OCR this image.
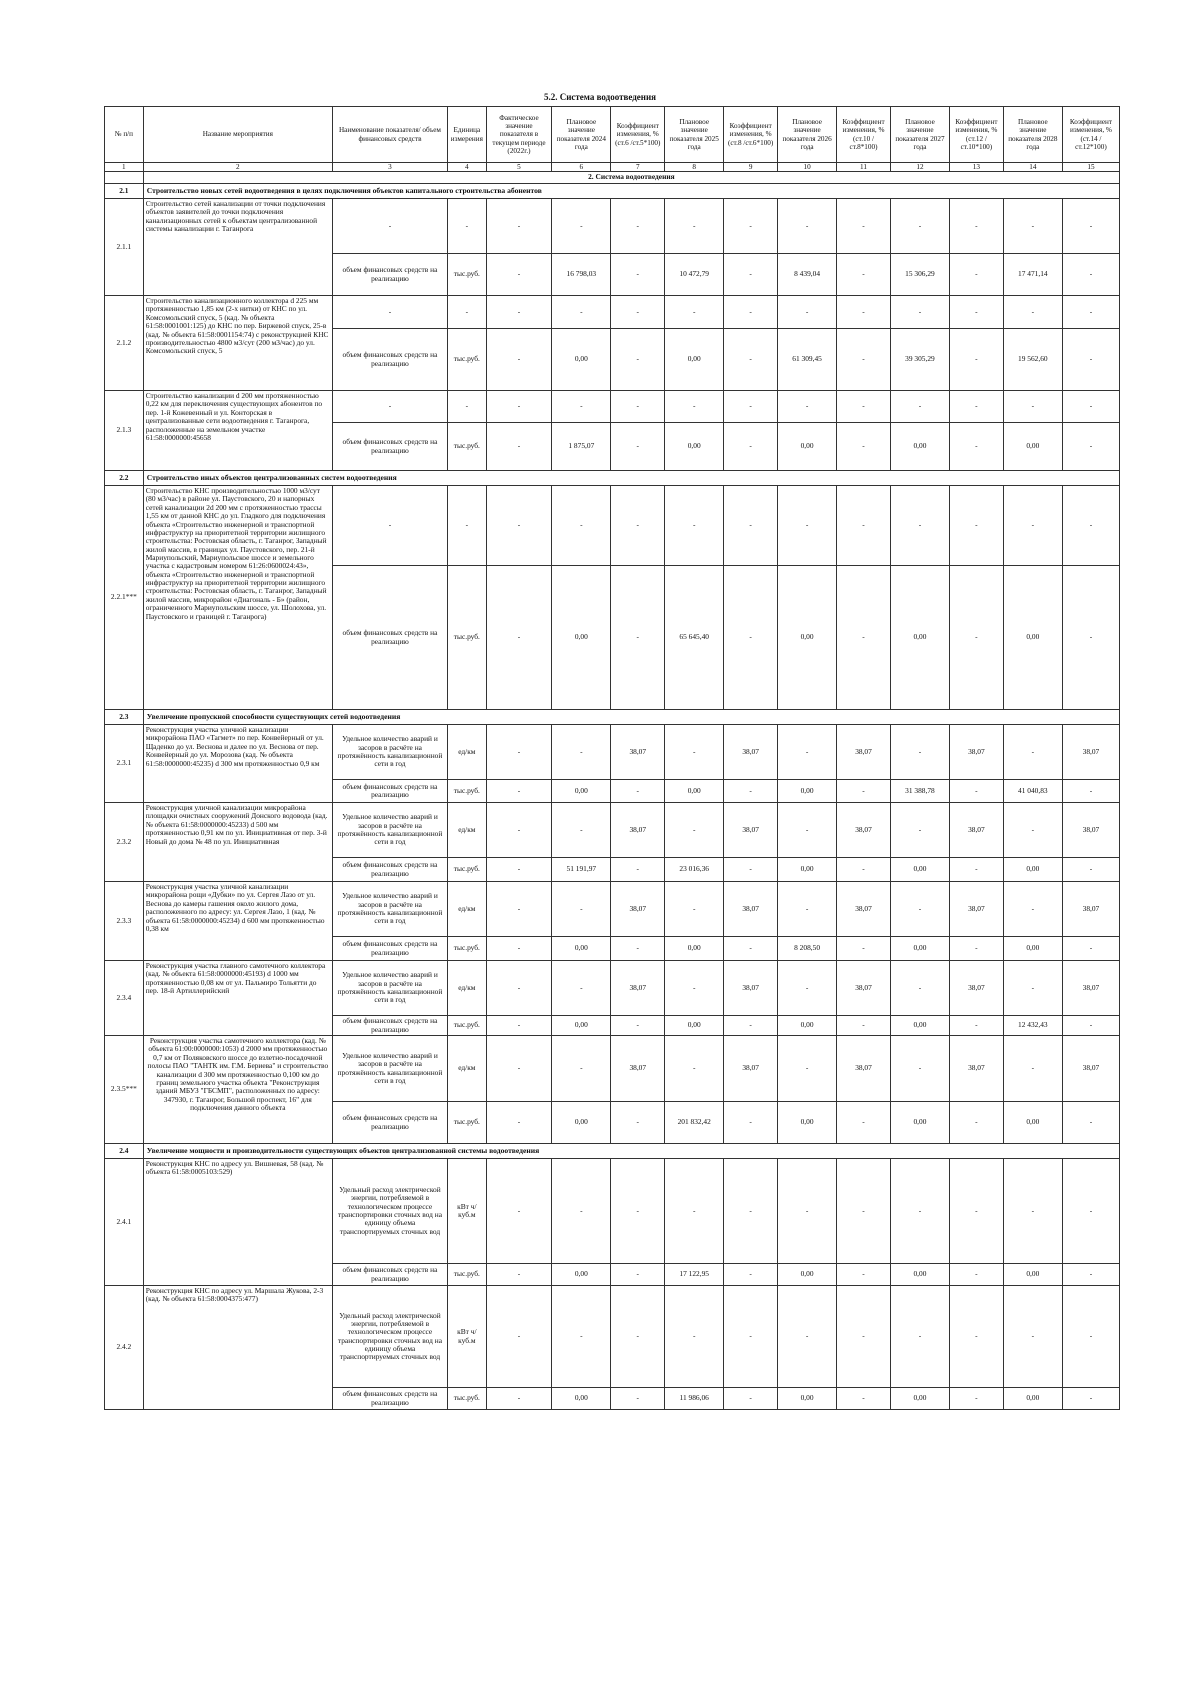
5.2. Система водоотведения
№ п/п	Название мероприятия	Наименование показателя/ объем финансовых средств	Единица измерения	Фактическое значение показателя в текущем периоде (2022г.)	Плановое значение показателя 2024 года	Коэффициент изменения, % (ст.6 /ст.5*100)	Плановое значение показателя 2025 года	Коэффициент изменения, % (ст.8 /ст.6*100)	Плановое значение показателя 2026 года	Коэффициент изменения, % (ст.10 /ст.8*100)	Плановое значение показателя 2027 года	Коэффициент изменения, % (ст.12 /ст.10*100)	Плановое значение показателя 2028 года	Коэффициент изменения, % (ст.14 /ст.12*100)
1	2	3	4	5	6	7	8	9	10	11	12	13	14	15
	2. Система водоотведения													
2.1	Строительство новых сетей водоотведения в целях подключения объектов капитального строительства абонентов													
2.1.1	Строительство сетей канализации от точки подключения объектов заявителей до точки подключения канализационных сетей к объектам централизованной системы канализации г. Таганрога	-	-	-	-	-	-	-	-	-	-	-	-	-
		объем финансовых средств на реализацию	тыс.руб.	-	16 798,03	-	10 472,79	-	8 439,04	-	15 306,29	-	17 471,14	-
2.1.2	Строительство канализационного коллектора d 225 мм протяженностью 1,85 км (2-х нитки) от КНС по ул. Комсомольский спуск, 5 (кад. № объекта 61:58:0001001:125) до КНС по пер. Биржевой спуск, 25-в (кад. № объекта 61:58:0001154:74) с реконструкцией КНС производительностью 4800 м3/сут (200 м3/час) до ул. Комсомольский спуск, 5	-	-	-	-	-	-	-	-	-	-	-	-	-
		объем финансовых средств на реализацию	тыс.руб.	-	0,00	-	0,00	-	61 309,45	-	39 305,29	-	19 562,60	-
2.1.3	Строительство канализации d 200 мм протяженностью 0,22 км для переключения существующих абонентов по пер. 1-й Кожевенный и ул. Конторская в централизованные сети водоотведения г. Таганрога, расположенные на земельном участке 61:58:0000000:45658	-	-	-	-	-	-	-	-	-	-	-	-	-
		объем финансовых средств на реализацию	тыс.руб.	-	1 875,07	-	0,00	-	0,00	-	0,00	-	0,00	-
2.2	Строительство иных объектов централизованных систем водоотведения													
2.2.1***	Строительство КНС производительностью 1000 м3/сут (80 м3/час) в районе ул. Паустовского, 20 и напорных сетей канализации 2d 200 мм с протяженностью трассы 1,55 км от данной КНС до ул. Гладкого для подключения объекта «Строительство инженерной и транспортной инфраструктур на приоритетной территории жилищного строительства: Ростовская область, г. Таганрог, Западный жилой массив, в границах ул. Паустовского, пер. 21-й Мариупольский, Мариупольское шоссе и земельного участка с кадастровым номером 61:26:0600024:43», объекта «Строительство инженерной и транспортной инфраструктур на приоритетной территории жилищного строительства: Ростовская область, г. Таганрог, Западный жилой массив, микрорайон «Диагональ - Б» (район, ограниченного Мариупольским шоссе, ул. Шолохова, ул. Паустовского и границей г. Таганрога)	-	-	-	-	-	-	-	-	-	-	-	-	-
		объем финансовых средств на реализацию	тыс.руб.	-	0,00	-	65 645,40	-	0,00	-	0,00	-	0,00	-
2.3	Увеличение пропускной способности существующих сетей водоотведения													
2.3.1	Реконструкция участка уличной канализации микрорайона ПАО «Тагмет» по пер. Конвейерный от ул. Щаденко до ул. Веснова и далее по ул. Веснова от пер. Конвейерный до ул. Морозова (кад. № объекта 61:58:0000000:45235) d 300 мм протяженностью 0,9 км	Удельное количество аварий и засоров в расчёте на протяжённость канализационной сети в год	ед/км	-	-	38,07	-	38,07	-	38,07	-	38,07	-	38,07
		объем финансовых средств на реализацию	тыс.руб.	-	0,00	-	0,00	-	0,00	-	31 388,78	-	41 040,83	-
2.3.2	Реконструкция уличной канализации микрорайона площадки очистных сооружений Донского водовода (кад. № объекта 61:58:0000000:45233) d 500 мм протяженностью 0,91 км по ул. Инициативная от пер. 3-й Новый до дома № 48 по ул. Инициативная	Удельное количество аварий и засоров в расчёте на протяжённость канализационной сети в год	ед/км	-	-	38,07	-	38,07	-	38,07	-	38,07	-	38,07
		объем финансовых средств на реализацию	тыс.руб.	-	51 191,97	-	23 016,36	-	0,00	-	0,00	-	0,00	-
2.3.3	Реконструкция участка уличной канализации микрорайона рощи «Дубки» по ул. Сергея Лазо от ул. Веснова до камеры гашения около жилого дома, расположенного по адресу: ул. Сергея Лазо, 1 (кад. № объекта 61:58:0000000:45234) d 600 мм протяженностью 0,38 км	Удельное количество аварий и засоров в расчёте на протяжённость канализационной сети в год	ед/км	-	-	38,07	-	38,07	-	38,07	-	38,07	-	38,07
		объем финансовых средств на реализацию	тыс.руб.	-	0,00	-	0,00	-	8 208,50	-	0,00	-	0,00	-
2.3.4	Реконструкция участка главного самотечного коллектора (кад. № объекта 61:58:0000000:45193) d 1000 мм протяженностью 0,08 км от ул. Пальмиро Тольятти до пер. 18-й Артиллерийский	Удельное количество аварий и засоров в расчёте на протяжённость канализационной сети в год	ед/км	-	-	38,07	-	38,07	-	38,07	-	38,07	-	38,07
		объем финансовых средств на реализацию	тыс.руб.	-	0,00	-	0,00	-	0,00	-	0,00	-	12 432,43	-
2.3.5***	Реконструкция участка самотечного коллектора (кад. № объекта 61:00:0000000:1053) d 2000 мм протяженностью 0,7 км от Поляковского шоссе до взлетно-посадочной полосы ПАО "ТАНТК им. Г.М. Бериева" и строительство канализации d 300 мм протяженностью 0,100 км до границ земельного участка объекта "Реконструкция зданий МБУЗ "ГБСМП", расположенных по адресу: 347930, г. Таганрог, Большой проспект, 16" для подключения данного объекта	Удельное количество аварий и засоров в расчёте на протяжённость канализационной сети в год	ед/км	-	-	38,07	-	38,07	-	38,07	-	38,07	-	38,07
		объем финансовых средств на реализацию	тыс.руб.	-	0,00	-	201 832,42	-	0,00	-	0,00	-	0,00	-
2.4	Увеличение мощности и производительности существующих объектов централизованной системы водоотведения													
2.4.1	Реконструкция КНС по адресу ул. Вишневая, 58 (кад. № объекта 61:58:0005103:529)	Удельный расход электрической энергии, потребляемой в технологическом процессе транспортировки сточных вод на единицу объема транспортируемых сточных вод	кВт ч/куб.м	-	-	-	-	-	-	-	-	-	-	-
		объем финансовых средств на реализацию	тыс.руб.	-	0,00	-	17 122,95	-	0,00	-	0,00	-	0,00	-
2.4.2	Реконструкция КНС по адресу ул. Маршала Жукова, 2-3 (кад. № объекта 61:58:0004375:477)	Удельный расход электрической энергии, потребляемой в технологическом процессе транспортировки сточных вод на единицу объема транспортируемых сточных вод	кВт ч/куб.м	-	-	-	-	-	-	-	-	-	-	-
		объем финансовых средств на реализацию	тыс.руб.	-	0,00	-	11 986,06	-	0,00	-	0,00	-	0,00	-
